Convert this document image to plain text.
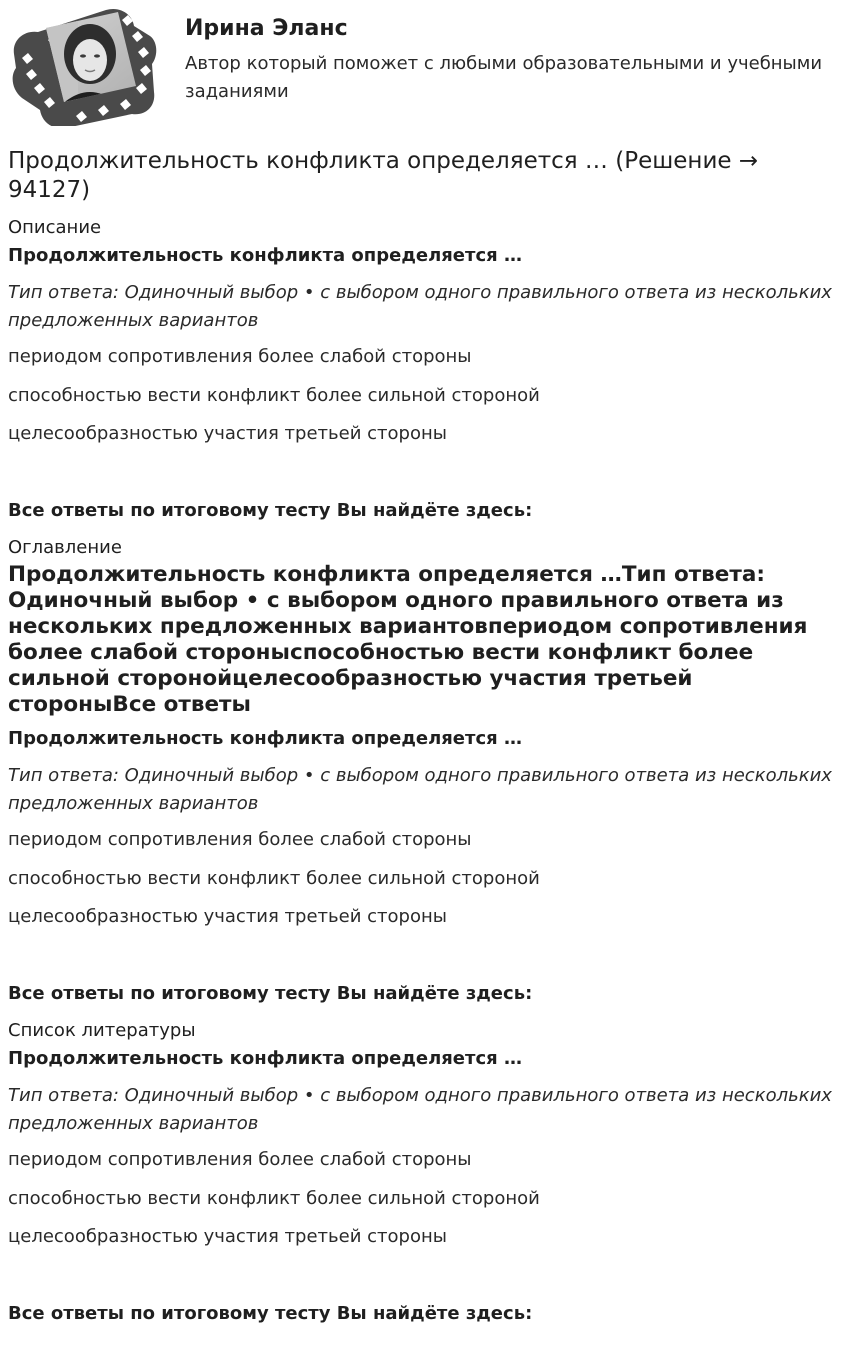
Ирина Эланс
Автор который поможет с любыми образовательными и учебными заданиями
Продолжительность конфликта определяется … (Решение → 94127)
Описание
Продолжительность конфликта определяется …
Тип ответа: Одиночный выбор • с выбором одного правильного ответа из нескольких предложенных вариантов
периодом сопротивления более слабой стороны
способностью вести конфликт более сильной стороной
целесообразностью участия третьей стороны
Все ответы по итоговому тесту Вы найдёте здесь:
Оглавление
Продолжительность конфликта определяется …Тип ответа: Одиночный выбор • с выбором одного правильного ответа из нескольких предложенных вариантовпериодом сопротивления более слабой стороныспособностью вести конфликт более сильной сторонойцелесообразностью участия третьей стороныВсе ответы
Продолжительность конфликта определяется …
Тип ответа: Одиночный выбор • с выбором одного правильного ответа из нескольких предложенных вариантов
периодом сопротивления более слабой стороны
способностью вести конфликт более сильной стороной
целесообразностью участия третьей стороны
Все ответы по итоговому тесту Вы найдёте здесь:
Список литературы
Продолжительность конфликта определяется …
Тип ответа: Одиночный выбор • с выбором одного правильного ответа из нескольких предложенных вариантов
периодом сопротивления более слабой стороны
способностью вести конфликт более сильной стороной
целесообразностью участия третьей стороны
Все ответы по итоговому тесту Вы найдёте здесь:
